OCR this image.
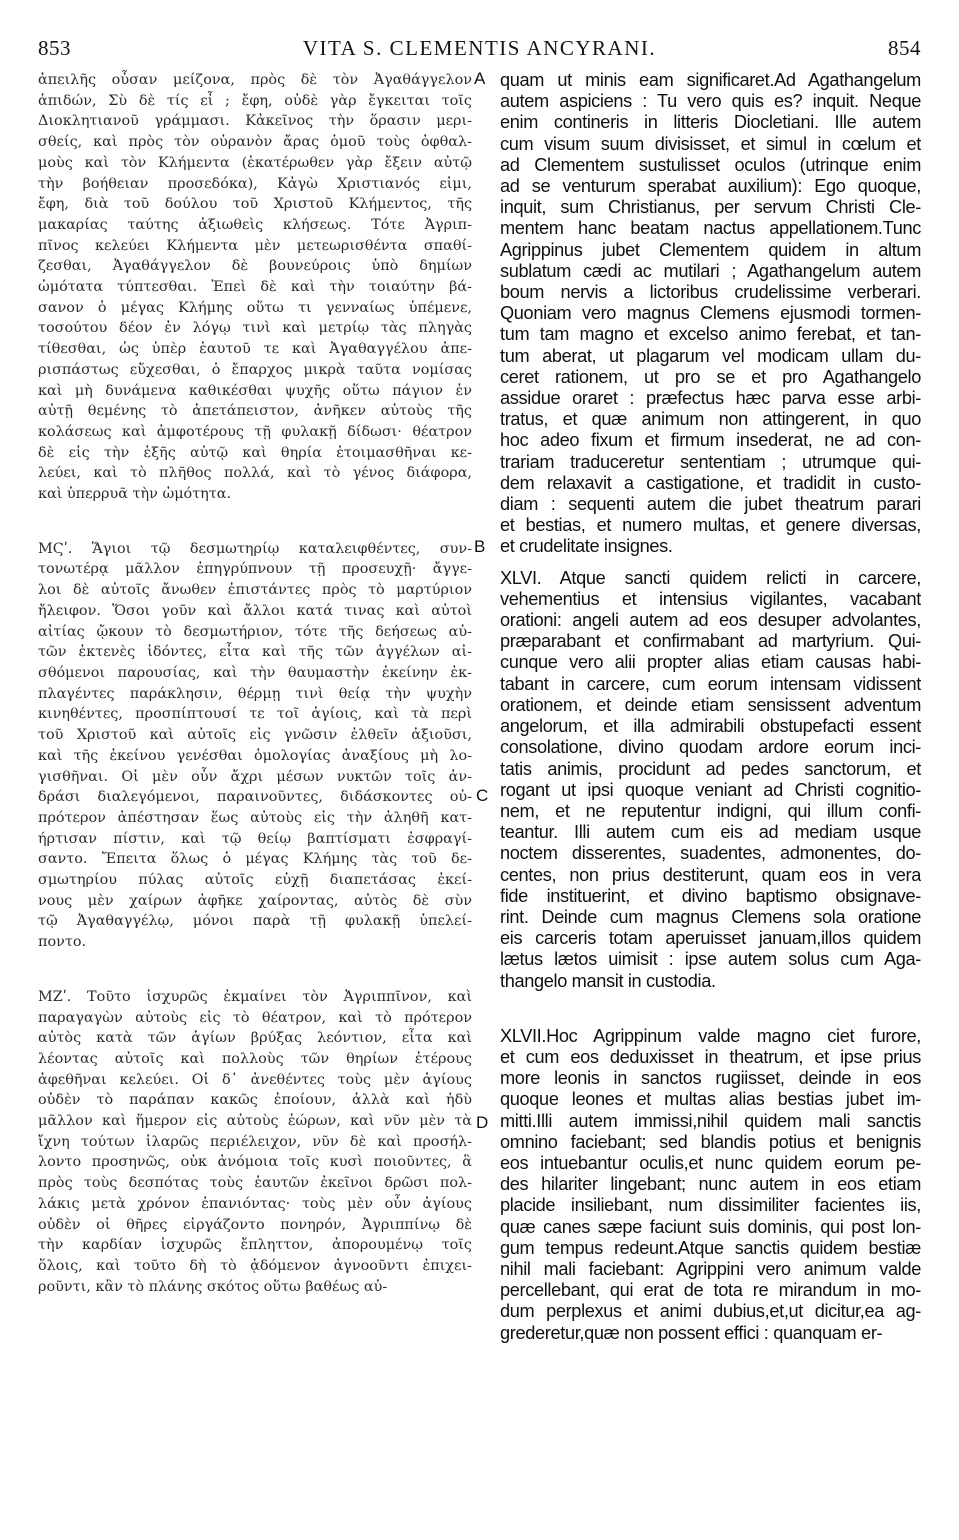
853	VITA S. CLEMENTIS ANCYRANI.	854
ἀπειλῆς οὖσαν μείζονα, πρὸς δὲ τὸν Ἀγαθάγγελον
ἀπιδών, Σὺ δὲ τίς εἶ ; ἔφη, οὐδὲ γὰρ ἔγκειται τοῖς
Διοκλητιανοῦ γράμμασι. Κἀκεῖνος τὴν ὅρασιν μερι-
σθείς, καὶ πρὸς τὸν οὐρανὸν ἄρας ὁμοῦ τοὺς ὀφθαλ-
μοὺς καὶ τὸν Κλήμεντα (ἑκατέρωθεν γὰρ ἔξειν αὐτῷ
τὴν βοήθειαν προσεδόκα), Κἀγὼ Χριστιανός εἰμι,
ἔφη, διὰ τοῦ δούλου τοῦ Χριστοῦ Κλήμεντος, τῆς
μακαρίας ταύτης ἀξιωθεὶς κλήσεως. Τότε Ἀγριπ-
πῖνος κελεύει Κλήμεντα μὲν μετεωρισθέντα σπαθί-
ζεσθαι, Ἀγαθάγγελον δὲ βουνεύροις ὑπὸ δημίων
ὠμότατα τύπτεσθαι. Ἐπεὶ δὲ καὶ τὴν τοιαύτην βά-
σανον ὁ μέγας Κλήμης οὕτω τι γενναίως ὑπέμενε,
τοσούτου δέον ἐν λόγῳ τινὶ καὶ μετρίῳ τὰς πληγὰς
τίθεσθαι, ὡς ὑπὲρ ἑαυτοῦ τε καὶ Ἀγαθαγγέλου ἀπε-
ρισπάστως εὔχεσθαι, ὁ ἔπαρχος μικρὰ ταῦτα νομίσας
καὶ μὴ δυνάμενα καθικέσθαι ψυχῆς οὕτω πάγιον ἐν
αὐτῇ θεμένης τὸ ἀπετάπειστον, ἀνῆκεν αὐτοὺς τῆς
κολάσεως καὶ ἀμφοτέρους τῇ φυλακῇ δίδωσι· θέατρον
δὲ εἰς τὴν ἑξῆς αὐτῷ καὶ θηρία ἑτοιμασθῆναι κε-
λεύει, καὶ τὸ πλῆθος πολλά, καὶ τὸ γένος διάφορα,
καὶ ὑπερρυᾶ τὴν ὠμότητα.
ΜϚʹ. Ἅγιοι τῷ δεσμωτηρίῳ καταλειφθέντες, συν-
τονωτέρᾳ μᾶλλον ἐπηγρύπνουν τῇ προσευχῇ· ἄγγε-
λοι δὲ αὐτοῖς ἄνωθεν ἐπιστάντες πρὸς τὸ μαρτύριον
ἤλειφον. Ὅσοι γοῦν καὶ ἄλλοι κατά τινας καὶ αὐτοὶ
αἰτίας ᾤκουν τὸ δεσμωτήριον, τότε τῆς δεήσεως αὐ-
τῶν ἐκτενὲς ἰδόντες, εἶτα καὶ τῆς τῶν ἀγγέλων αἰ-
σθόμενοι παρουσίας, καὶ τὴν θαυμαστὴν ἐκείνην ἐκ-
πλαγέντες παράκλησιν, θέρμῃ τινὶ θείᾳ τὴν ψυχὴν
κινηθέντες, προσπίπτουσί τε τοῖ ἁγίοις, καὶ τὰ περὶ
τοῦ Χριστοῦ καὶ αὐτοῖς εἰς γνῶσιν ἐλθεῖν ἀξιοῦσι,
καὶ τῆς ἐκείνου γενέσθαι ὁμολογίας ἀναξίους μὴ λο-
γισθῆναι. Οἱ μὲν οὖν ἄχρι μέσων νυκτῶν τοῖς ἀν-
δράσι διαλεγόμενοι, παραινοῦντες, διδάσκοντες οὐ-
πρότερον ἀπέστησαν ἕως αὐτοὺς εἰς τὴν ἀληθῆ κατ-
ήρτισαν πίστιν, καὶ τῷ θείῳ βαπτίσματι ἐσφραγί-
σαντο. Ἔπειτα ὅλως ὁ μέγας Κλήμης τὰς τοῦ δε-
σμωτηρίου πύλας αὐτοῖς εὐχῇ διαπετάσας ἐκεί-
νους μὲν χαίρων ἀφῆκε χαίροντας, αὐτὸς δὲ σὺν
τῷ Ἀγαθαγγέλῳ, μόνοι παρὰ τῇ φυλακῇ ὑπελεί-
ποντο.
ΜΖʹ. Τοῦτο ἰσχυρῶς ἐκμαίνει τὸν Ἀγριππῖνον, καὶ
παραγαγὼν αὐτοὺς εἰς τὸ θέατρον, καὶ τὸ πρότερον
αὐτὸς κατὰ τῶν ἁγίων βρύξας λεόντιον, εἶτα καὶ
λέοντας αὐτοῖς καὶ πολλοὺς τῶν θηρίων ἑτέρους
ἀφεθῆναι κελεύει. Οἱ δ᾽ ἀνεθέντες τοὺς μὲν ἁγίους
οὐδὲν τὸ παράπαν κακῶς ἐποίουν, ἀλλὰ καὶ ἡδὺ
μᾶλλον καὶ ἥμερον εἰς αὐτοὺς ἑώρων, καὶ νῦν μὲν τὰ
ἴχνη τούτων ἱλαρῶς περιέλειχον, νῦν δὲ καὶ προσήλ-
λοντο προσηνῶς, οὐκ ἀνόμοια τοῖς κυσὶ ποιοῦντες, ἃ
πρὸς τοὺς δεσπότας τοὺς ἑαυτῶν ἐκεῖνοι δρῶσι πολ-
λάκις μετὰ χρόνον ἐπανιόντας· τοὺς μὲν οὖν ἁγίους
οὐδὲν οἱ θῆρες εἰργάζοντο πονηρόν, Ἀγριππίνῳ δὲ
τὴν καρδίαν ἰσχυρῶς ἔπληττον, ἀπορουμένῳ τοῖς
ὅλοις, καὶ τοῦτο δὴ τὸ ᾀδόμενον ἀγνοοῦντι ἐπιχει-
ροῦντι, κἂν τὸ πλάνης σκότος οὕτω βαθέως αὐ-
quam ut minis eam significaret.Ad Agathangelum
autem aspiciens : Tu vero quis es? inquit. Neque
enim contineris in litteris Diocletiani. Ille autem
cum visum suum divisisset, et simul in cœlum et
ad Clementem sustulisset oculos (utrinque enim
ad se venturum sperabat auxilium): Ego quoque,
inquit, sum Christianus, per servum Christi Cle-
mentem hanc beatam nactus appellationem.Tunc
Agrippinus jubet Clementem quidem in altum
sublatum cædi ac mutilari ; Agathangelum autem
boum nervis a lictoribus crudelissime verberari.
Quoniam vero magnus Clemens ejusmodi tormen-
tum tam magno et excelso animo ferebat, et tan-
tum aberat, ut plagarum vel modicam ullam du-
ceret rationem, ut pro se et pro Agathangelo
assidue oraret : præfectus hæc parva esse arbi-
tratus, et quæ animum non attingerent, in quo
hoc adeo fixum et firmum insederat, ne ad con-
trariam traduceretur sententiam ; utrumque qui-
dem relaxavit a castigatione, et tradidit in custo-
diam : sequenti autem die jubet theatrum parari
et bestias, et numero multas, et genere diversas,
et crudelitate insignes.
XLVI. Atque sancti quidem relicti in carcere,
vehementius et intensius vigilantes, vacabant
orationi: angeli autem ad eos desuper advolantes,
præparabant et confirmabant ad martyrium. Qui-
cunque vero alii propter alias etiam causas habi-
tabant in carcere, cum eorum intensam vidissent
orationem, et deinde etiam sensissent adventum
angelorum, et illa admirabili obstupefacti essent
consolatione, divino quodam ardore eorum inci-
tatis animis, procidunt ad pedes sanctorum, et
rogant ut ipsi quoque veniant ad Christi cognitio-
nem, et ne reputentur indigni, qui illum confi-
teantur. Illi autem cum eis ad mediam usque
noctem disserentes, suadentes, admonentes, do-
centes, non prius destiterunt, quam eos in vera
fide instituerint, et divino baptismo obsignave-
rint. Deinde cum magnus Clemens sola oratione
eis carceris totam aperuisset januam,illos quidem
lætus lætos uimisit : ipse autem solus cum Aga-
thangelo mansit in custodia.
XLVII.Hoc Agrippinum valde magno ciet furore,
et cum eos deduxisset in theatrum, et ipse prius
more leonis in sanctos rugiisset, deinde in eos
quoque leones et multas alias bestias jubet im-
mitti.Illi autem immissi,nihil quidem mali sanctis
omnino faciebant; sed blandis potius et benignis
eos intuebantur oculis,et nunc quidem eorum pe-
des hilariter lingebant; nunc autem in eos etiam
placide insiliebant, num dissimiliter facientes iis,
quæ canes sæpe faciunt suis dominis, qui post lon-
gum tempus redeunt.Atque sanctis quidem bestiæ
nihil mali faciebant: Agrippini vero animum valde
percellebant, qui erat de tota re mirandum in mo-
dum perplexus et animi dubius,et,ut dicitur,ea ag-
grederetur,quæ non possent effici : quanquam er-
A
B
C
D
